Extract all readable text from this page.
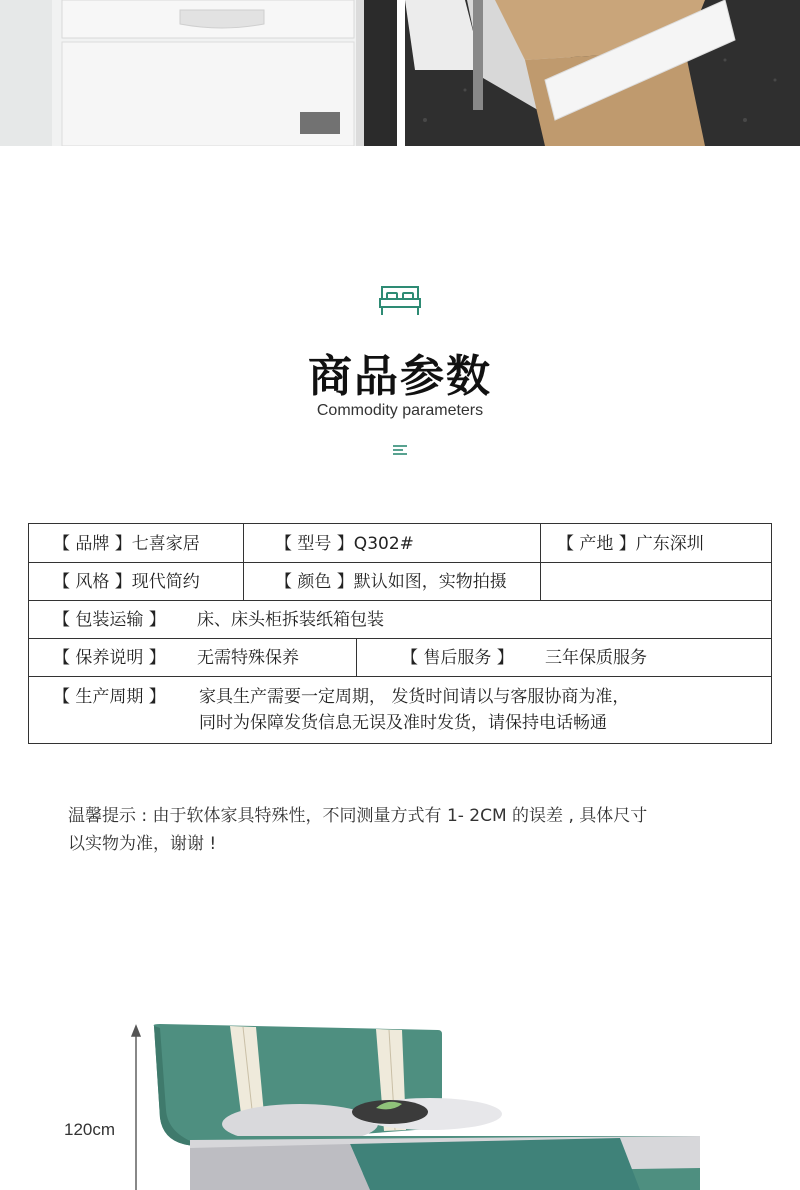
商品参数
Commodity parameters
【 品牌 】七喜家居	【 型号 】Q302#	【 产地 】广东深圳
【 风格 】现代简约	【 颜色 】默认如图，实物拍摄
【 包装运输 】 床、床头柜拆装纸箱包装
【 保养说明 】 无需特殊保养	【 售后服务 】 三年保质服务
【 生产周期 】 家具生产需要一定周期， 发货时间请以与客服协商为准，
同时为保障发货信息无误及准时发货，请保持电话畅通
温馨提示 : 由于软体家具特殊性，不同测量方式有 1- 2CM 的误差 , 具体尺寸
以实物为准，谢谢 !
120cm
